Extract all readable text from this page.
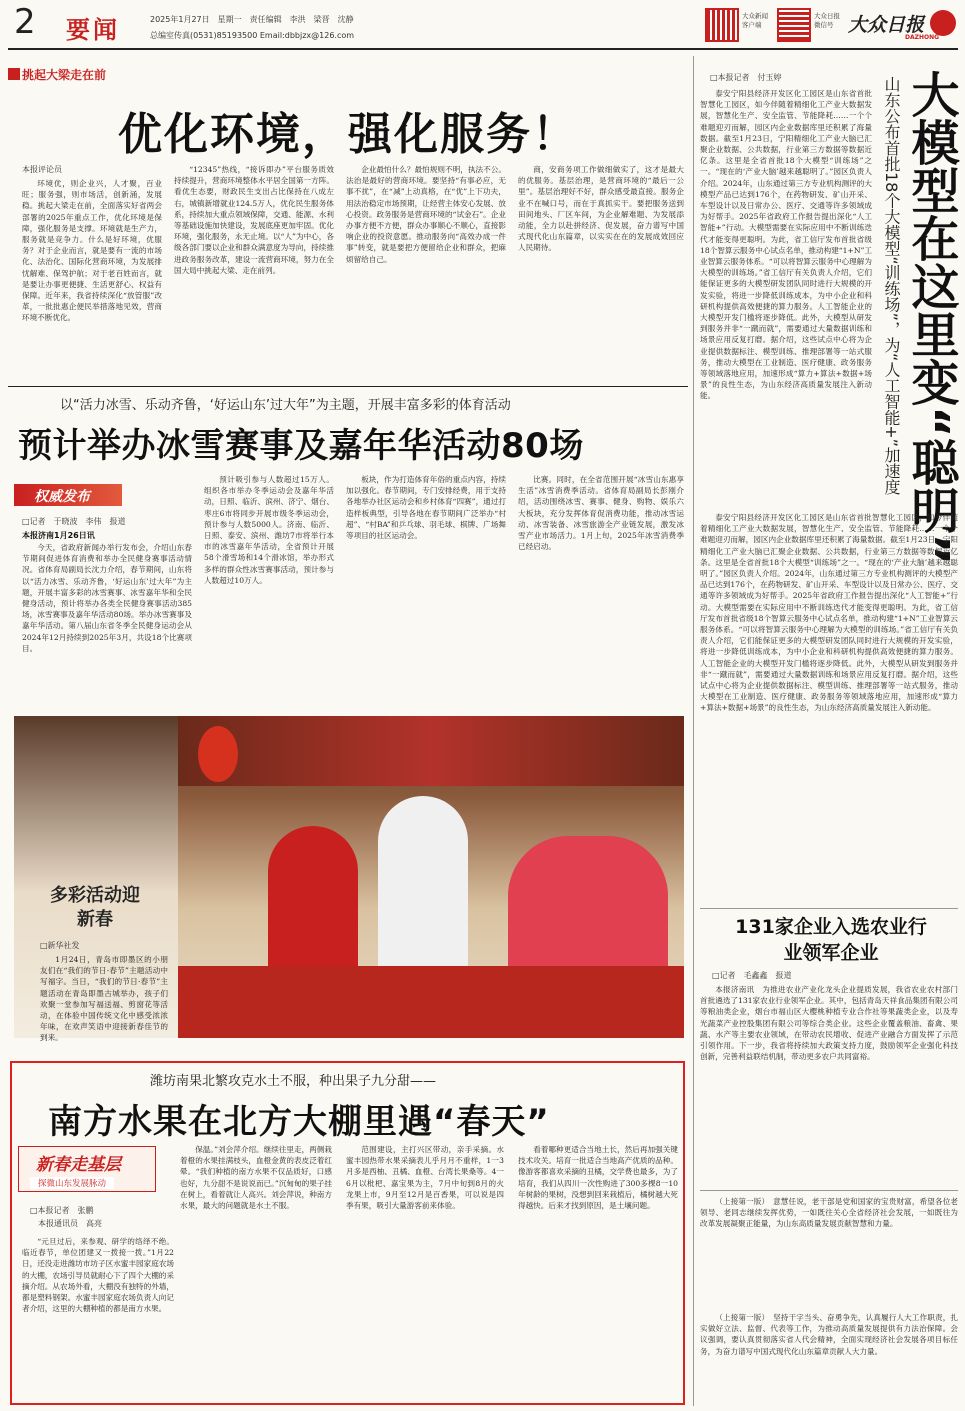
2 要闻	2025年1月27日　星期一　责任编辑　李洪　梁晋　沈静
总编室传真(0531)85193500 Email:dbbjzx@126.com
大众新闻客户端
大众日报微信号 大众日报
DAZHONG
挑起大梁走在前
优化环境，强化服务！
本报评论员

环境优，则企业兴，人才聚，百业旺；服务强，则市场活，创新涌，发展稳。挑起大梁走在前，全面落实好省两会部署的2025年重点工作，优化环境是保障，强化服务是支撑。环境就是生产力，服务就是竞争力。什么是好环境，优服务？对于企业而言，就是要有一流的市场化、法治化、国际化营商环境，为发展排忧解难、保驾护航；对于老百姓而言，就是要让办事更便捷、生活更舒心、权益有保障。近年来，我省持续深化“放管服”改革，一批批惠企便民举措落地见效，营商环境不断优化。

“12345”热线，“接诉即办”平台服务质效持续提升，营商环境整体水平居全国第一方阵。看优生态要，财政民生支出占比保持在八成左右，城镇新增就业124.5万人，优化民生服务体系，持续加大重点领域保障，交通、能源、水利等基础设施加快建设，发展底座更加牢固。优化环境，强化服务，永无止境。以“人”为中心，各级各部门要以企业和群众满意度为导向，持续推进政务服务改革，建设一流营商环境，努力在全国大局中挑起大梁、走在前列。

企业最怕什么？最怕规则不明，执法不公。法治是最好的营商环境。要坚持“有事必应，无事不扰”，在“减”上动真格，在“优”上下功夫，用法治稳定市场预期，让经营主体安心发展、放心投资。政务服务是营商环境的“试金石”。企业办事方便不方便，群众办事顺心不顺心，直接影响企业的投资意愿。推动服务向“高效办成一件事”转变，就是要把方便留给企业和群众，把麻烦留给自己。

商，安商务项工作做细做实了，这才是最大的优服务。基层治理，是营商环境的“最后一公里”。基层治理好不好，群众感受最直接。服务企业不在喊口号，而在于真抓实干。要把服务送到田间地头、厂区车间，为企业解难题、为发展添动能，全力以赴拼经济、促发展，奋力谱写中国式现代化山东篇章，以实实在在的发展成效回应人民期待。

以“活力冰雪、乐动齐鲁，‘好运山东’过大年”为主题，开展丰富多彩的体育活动
预计举办冰雪赛事及嘉年华活动80场
权威发布
□记者　于晓波　李伟　报道
本报济南1月26日讯

今天，省政府新闻办举行发布会，介绍山东春节期间促进体育消费和举办全民健身赛事活动情况。省体育局副局长沈力介绍，春节期间，山东将以“活力冰雪、乐动齐鲁，‘好运山东’过大年”为主题，开展丰富多彩的冰雪赛事、冰雪嘉年华和全民健身活动，预计将举办各类全民健身赛事活动385场，冰雪赛事及嘉年华活动80场。举办冰雪赛事及嘉年华活动。第八届山东省冬季全民健身运动会从2024年12月持续到2025年3月，共设18个比赛项目。

预计吸引参与人数超过15万人。组织各市举办冬季运动会及嘉年华活动，日照、临沂、滨州、济宁、烟台、枣庄6市将同步开展市级冬季运动会，预计参与人数5000人。济南、临沂、日照、泰安、滨州、潍坊7市将举行本市的冰雪嘉年华活动，全省预计开展58个滑雪场和14个滑冰馆，举办形式多样的群众性冰雪赛事活动，预计参与人数超过10万人。

板块，作为打造体育年俗的重点内容，持续加以强化。春节期间，专门安排经费，用于支持各地举办社区运动会和乡村体育“四赛”，通过打造样板典型，引导各地在春节期间广泛举办“村超”、“村BA”和乒乓球、羽毛球、棋牌、广场舞等项目的社区运动会。

比赛。同时，在全省范围开展“冰雪山东惠享生活”冰雪消费季活动。省体育局副局长彭刚介绍，活动围绕冰雪、赛事、健身、购物、娱乐六大板块，充分发挥体育促消费功能，推动冰雪运动、冰雪装备、冰雪旅游全产业链发展，激发冰雪产业市场活力。1月上旬，2025年冰雪消费季已经启动。

多彩活动迎新春
□新华社发

1月24日，青岛市即墨区的小朋友们在“我们的节日·春节”主题活动中写福字。当日，“我们的节日·春节”主题活动在青岛即墨古城举办，孩子们欢聚一堂参加写福送福、剪窗花等活动，在体验中国传统文化中感受浓浓年味，在欢声笑语中迎接新春佳节的到来。

潍坊南果北繁攻克水土不服，种出果子九分甜——
南方水果在北方大棚里遇“春天”
新春走基层
探微山东发展脉动
□本报记者　张鹏
　本报通讯员　高亮

“元旦过后，来参观、研学的络绎不绝。临近春节，单位团建又一拨接一拨。”1月22日，还没走进潍坊市坊子区水蜜丰园家庭农场的大棚，农场引导员就耐心下了四个大棚的采摘介绍。从农场外看，大棚没有独特的外墙，都是塑料钢架。水蜜丰园家庭农场负责人向记者介绍，这里的大棚种植的都是南方水果。

保温。”刘会萍介绍。继续往里走，两侧栽着橙的水果挂满枝头，血橙金黄的表皮泛着红晕。“我们种植的南方水果不仅品质好，口感也好，九分甜不是说说而已。”沉甸甸的果子挂在树上，看着就让人高兴。刘会萍说，种南方水果，最大的问题就是水土不服。

范围建设，主打兴区带动，亲手采摘。水蜜丰园热带水果采摘表儿乎月月不重样，1一3月多是西柚、丑橘、血橙、台湾长果桑等。4一6月以枇杷、嘉宝果为主，7月中旬到8月的火龙果上市，9月至12月是百香果，可以说是四季有果，吸引大量游客前来体验。

看着哪种更适合当地土长，然后再加强关键技术攻关。培育一批适合当地高产优质的品种。像游客都喜欢采摘的丑橘，交学费也最多，为了培育，我们从四川一次性购进了300多棵8一10年树龄的果树，没想到回来栽植后，橘树越大死得越快。后来才找到原因，是土壤问题。

□本报记者　付玉婷

泰安宁阳县经济开发区化工园区是山东省首批智慧化工园区，如今伴随着精细化工产业大数据发展，智慧化生产、安全监管、节能降耗……一个个难题迎刃而解，园区内企业数据库里还积累了海量数据。截至1月23日，宁阳精细化工产业大脑已汇聚企业数据、公共数据，行业第三方数据等数据近亿条。这里是全省首批18个大模型“训练场”之一。“现在的‘产业大脑’越来越聪明了。”园区负责人介绍。2024年，山东通过第三方专业机构测评的大模型产品已达到176个，在药物研发、矿山开采、车型设计以及日常办公、医疗、交通等许多领域成为好帮手。2025年省政府工作报告提出深化“人工智能+”行动。大模型需要在实际应用中不断训练迭代才能变得更聪明。为此，省工信厅发布首批省级18个智算云服务中心试点名单，推动构建“1+N”工业智算云服务体系。“可以将智算云服务中心理解为大模型的训练场。”省工信厅有关负责人介绍，它们能保证更多的大模型研发团队同时进行大规模的开发实验，将进一步降低训练成本，为中小企业和科研机构提供高效便捷的算力服务。人工智能企业的大模型开发门槛将逐步降低。此外，大模型从研发到服务并非“一蹴而就”，需要通过大量数据训练和场景应用反复打磨。据介绍，这些试点中心将为企业提供数据标注、模型训练、推理部署等一站式服务，推动大模型在工业制造、医疗健康、政务服务等领域落地应用，加速形成“算力+算法+数据+场景”的良性生态，为山东经济高质量发展注入新动能。	大模型在这里变“聪明”
山东公布首批18个大模型“训练场”，为“人工智能+”加速度

泰安宁阳县经济开发区化工园区是山东省首批智慧化工园区，如今伴随着精细化工产业大数据发展，智慧化生产、安全监管、节能降耗……一个个难题迎刃而解，园区内企业数据库里还积累了海量数据。截至1月23日，宁阳精细化工产业大脑已汇聚企业数据、公共数据，行业第三方数据等数据近亿条。这里是全省首批18个大模型“训练场”之一。“现在的‘产业大脑’越来越聪明了。”园区负责人介绍。2024年，山东通过第三方专业机构测评的大模型产品已达到176个，在药物研发、矿山开采、车型设计以及日常办公、医疗、交通等许多领域成为好帮手。2025年省政府工作报告提出深化“人工智能+”行动。大模型需要在实际应用中不断训练迭代才能变得更聪明。为此，省工信厅发布首批省级18个智算云服务中心试点名单，推动构建“1+N”工业智算云服务体系。“可以将智算云服务中心理解为大模型的训练场。”省工信厅有关负责人介绍，它们能保证更多的大模型研发团队同时进行大规模的开发实验，将进一步降低训练成本，为中小企业和科研机构提供高效便捷的算力服务。人工智能企业的大模型开发门槛将逐步降低。此外，大模型从研发到服务并非“一蹴而就”，需要通过大量数据训练和场景应用反复打磨。据介绍，这些试点中心将为企业提供数据标注、模型训练、推理部署等一站式服务，推动大模型在工业制造、医疗健康、政务服务等领域落地应用，加速形成“算力+算法+数据+场景”的良性生态，为山东经济高质量发展注入新动能。

131家企业入选农业行业领军企业
□记者　毛鑫鑫　报道

本报济南讯　为推进农业产业化龙头企业提质发展，我省农业农村部门首批遴选了131家农业行业领军企业。其中，包括青岛天祥食品集团有限公司等粮油类企业，烟台市福山区大樱桃种植专业合作社等果蔬类企业，以及寿光蔬菜产业控股集团有限公司等综合类企业。这些企业覆盖粮油、畜禽、果蔬、水产等主要农业领域，在带动农民增收、促进产业融合方面发挥了示范引领作用。下一步，我省将持续加大政策支持力度，鼓励领军企业强化科技创新，完善利益联结机制，带动更多农户共同富裕。

（上接第一版）　意慧任说，老干部是党和国家的宝贵财富，希望各位老领导、老同志继续发挥优势，一如既往关心全省经济社会发展，一如既往为改革发展凝聚正能量，为山东高质量发展贡献智慧和力量。

（上接第一版）　坚持干字当头、奋勇争先，认真履行人大工作职责，扎实做好立法、监督、代表等工作，为推动高质量发展提供有力法治保障。会议强调，要认真贯彻落实省人代会精神，全面实现经济社会发展各项目标任务，为奋力谱写中国式现代化山东篇章贡献人大力量。
